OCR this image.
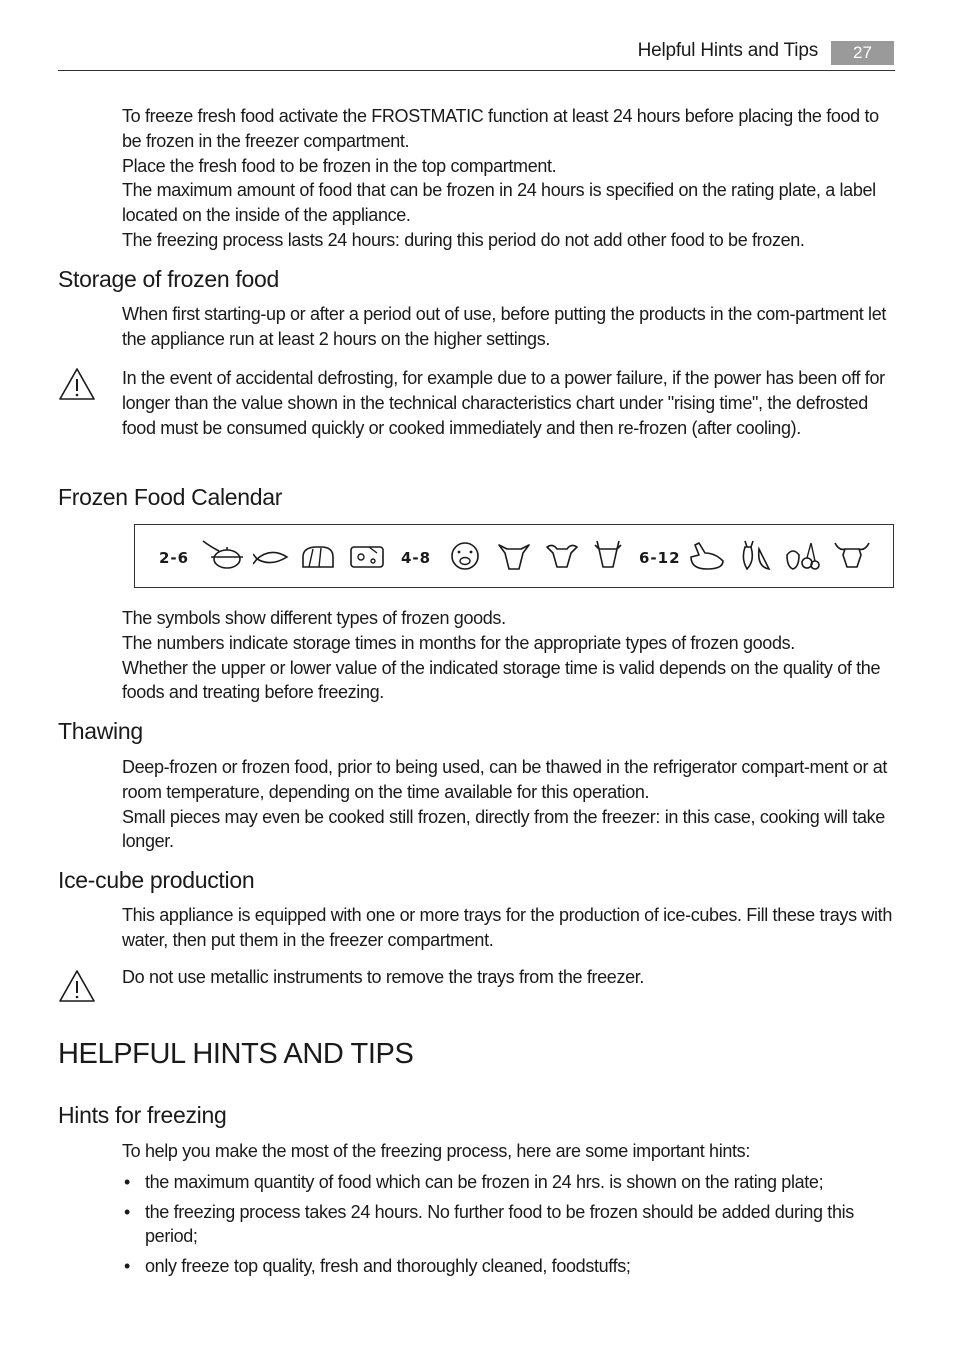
Helpful Hints and Tips	27

To freeze fresh food activate the FROSTMATIC function at least 24 hours before placing the food to be frozen in the freezer compartment.

Place the fresh food to be frozen in the top compartment.

The maximum amount of food that can be frozen in 24 hours is specified on the rating plate, a label located on the inside of the appliance.

The freezing process lasts 24 hours: during this period do not add other food to be frozen.

Storage of frozen food

When first starting-up or after a period out of use, before putting the products in the com-partment let the appliance run at least 2 hours on the higher settings.

In the event of accidental defrosting, for example due to a power failure, if the power has been off for longer than the value shown in the technical characteristics chart under "rising time", the defrosted food must be consumed quickly or cooked immediately and then re-frozen (after cooling).

Frozen Food Calendar
2-6	4-8	6-12

The symbols show different types of frozen goods.

The numbers indicate storage times in months for the appropriate types of frozen goods.

Whether the upper or lower value of the indicated storage time is valid depends on the quality of the foods and treating before freezing.

Thawing

Deep-frozen or frozen food, prior to being used, can be thawed in the refrigerator compart-ment or at room temperature, depending on the time available for this operation.

Small pieces may even be cooked still frozen, directly from the freezer: in this case, cooking will take longer.

Ice-cube production

This appliance is equipped with one or more trays for the production of ice-cubes. Fill these trays with water, then put them in the freezer compartment.

Do not use metallic instruments to remove the trays from the freezer.

HELPFUL HINTS AND TIPS
Hints for freezing

To help you make the most of the freezing process, here are some important hints:

• the maximum quantity of food which can be frozen in 24 hrs. is shown on the rating plate;
• the freezing process takes 24 hours. No further food to be frozen should be added during this period;
• only freeze top quality, fresh and thoroughly cleaned, foodstuffs;
